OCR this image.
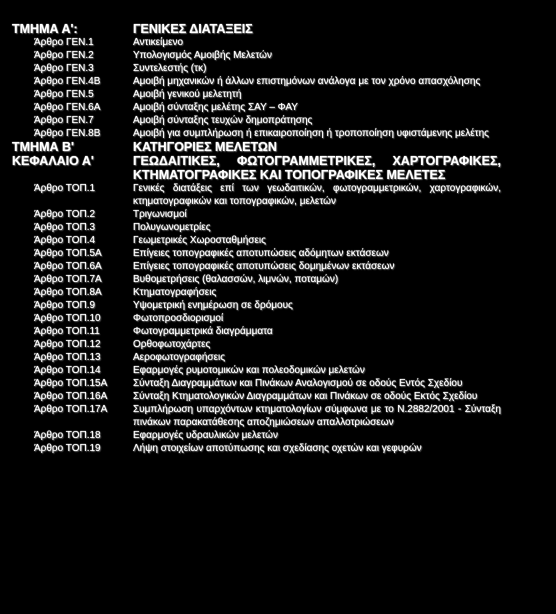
ΤΜΗΜΑ Α':	ΓΕΝΙΚΕΣ ΔΙΑΤΑΞΕΙΣ
Άρθρο ΓΕΝ.1	Αντικείμενο
Άρθρο ΓΕΝ.2	Υπολογισμός Αμοιβής Μελετών
Άρθρο ΓΕΝ.3	Συντελεστής (τκ)
Άρθρο ΓΕΝ.4Β	Αμοιβή μηχανικών ή άλλων επιστημόνων ανάλογα με τον χρόνο απασχόλησης
Άρθρο ΓΕΝ.5	Αμοιβή γενικού μελετητή
Άρθρο ΓΕΝ.6Α	Αμοιβή σύνταξης μελέτης ΣΑΥ – ΦΑΥ
Άρθρο ΓΕΝ.7	Αμοιβή σύνταξης τευχών δημοπράτησης
Άρθρο ΓΕΝ.8Β	Αμοιβή για συμπλήρωση ή επικαιροποίηση ή τροποποίηση υφιστάμενης μελέτης
ΤΜΗΜΑ Β'	ΚΑΤΗΓΟΡΙΕΣ ΜΕΛΕΤΩΝ
ΚΕΦΑΛΑΙΟ Α'	ΓΕΩΔΑΙΤΙΚΕΣ, ΦΩΤΟΓΡΑΜΜΕΤΡΙΚΕΣ, ΧΑΡΤΟΓΡΑΦΙΚΕΣ, ΚΤΗΜΑΤΟΓΡΑΦΙΚΕΣ ΚΑΙ ΤΟΠΟΓΡΑΦΙΚΕΣ ΜΕΛΕΤΕΣ
Άρθρο ΤΟΠ.1	Γενικές διατάξεις επί των γεωδαιτικών, φωτογραμμετρικών, χαρτογραφικών, κτηματογραφικών και τοπογραφικών, μελετών
Άρθρο ΤΟΠ.2	Τριγωνισμοί
Άρθρο ΤΟΠ.3	Πολυγωνομετρίες
Άρθρο ΤΟΠ.4	Γεωμετρικές Χωροσταθμήσεις
Άρθρο ΤΟΠ.5Α	Επίγειες τοπογραφικές αποτυπώσεις αδόμητων εκτάσεων
Άρθρο ΤΟΠ.6Α	Επίγειες τοπογραφικές αποτυπώσεις δομημένων εκτάσεων
Άρθρο ΤΟΠ.7Α	Βυθομετρήσεις (θαλασσών, λιμνών, ποταμών)
Άρθρο ΤΟΠ.8Α	Κτηματογραφήσεις
Άρθρο ΤΟΠ.9	Υψομετρική ενημέρωση σε δρόμους
Άρθρο ΤΟΠ.10	Φωτοπροσδιορισμοί
Άρθρο ΤΟΠ.11	Φωτογραμμετρικά διαγράμματα
Άρθρο ΤΟΠ.12	Ορθοφωτοχάρτες
Άρθρο ΤΟΠ.13	Αεροφωτογραφήσεις
Άρθρο ΤΟΠ.14	Εφαρμογές ρυμοτομικών και πολεοδομικών μελετών
Άρθρο ΤΟΠ.15Α	Σύνταξη Διαγραμμάτων και Πινάκων Αναλογισμού σε οδούς Εντός Σχεδίου
Άρθρο ΤΟΠ.16Α	Σύνταξη Κτηματολογικών Διαγραμμάτων και Πινάκων σε οδούς Εκτός Σχεδίου
Άρθρο ΤΟΠ.17Α	Συμπλήρωση υπαρχόντων κτηματολογίων σύμφωνα με το Ν.2882/2001 - Σύνταξη πινάκων παρακατάθεσης αποζημιώσεων απαλλοτριώσεων
Άρθρο ΤΟΠ.18	Εφαρμογές υδραυλικών μελετών
Άρθρο ΤΟΠ.19	Λήψη στοιχείων αποτύπωσης και σχεδίασης οχετών και γεφυρών
